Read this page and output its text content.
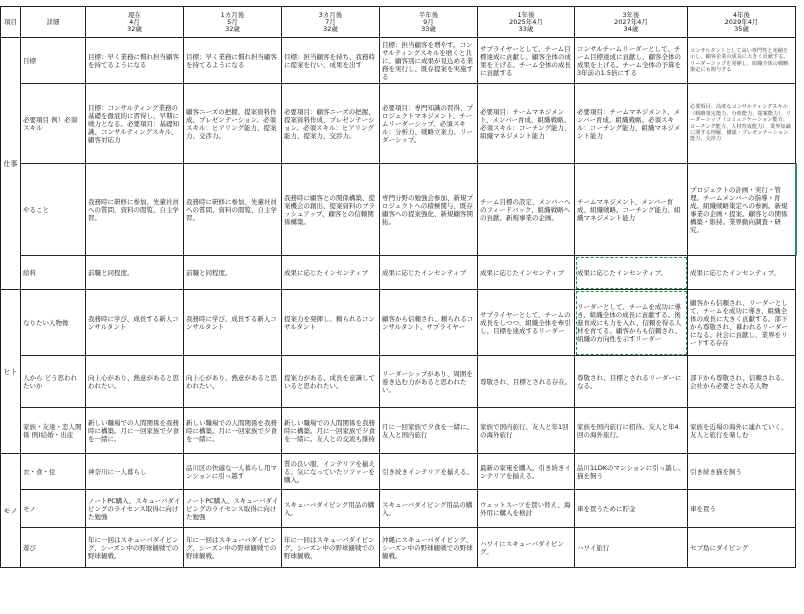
項目	詳細	現在
4月
32歳	1カ月後
5月
32歳	3カ月後
7月
32歳	半年後
9月
33歳	1年後
2025年4月
33歳	3年後
2027年4月
34歳	4年後
2029年4月
35歳

仕事	目標	目標：早く業務に慣れ担当顧客を持てるようになる	目標：早く業務に慣れ担当顧客を持てるようになる	目標：担当顧客を持ち、我務時に提案を行い、成果を出す	目標：担当顧客を増やす。コンサルティングスキルを磨くと共に、顧客別に成果が見込める業務を実行し、既存提案を実施する	サプライヤーとして、チーム目標達成に貢献し、顧客全体の成果を上げる。チーム全体の成長に貢献する	コンサルチームリーダーとして、チーム目標達成に貢献し、顧客全体の成果を上げる。チーム全体の予算を3年前の1.5倍にする	コンサルタントとして高い専門性と実績を示し、顧客企業の成長に大きく貢献する。リーダーシップを発揮し、組織全体の戦略策定にも関与する
	必要項目 例）必須スキル	目標：コンサルティング業務の基礎を徹底的に習得し、早期に戦力となる。必要項目：基礎知識、コンサルティングスキル、顧客対応力	顧客ニーズの把握、提案資料作成、プレゼンテーション。必須スキル：ヒアリング能力、提案力、交渉力。	必要項目：顧客ニーズの把握、提案資料作成、プレゼンテーション。必須スキル：ヒアリング能力、提案力、交渉力。	必要項目：専門知識の習得、プロジェクトマネジメント、チームリーダーシップ。必須スキル：分析力、戦略立案力、リーダーシップ。	必要項目：チームマネジメント、メンバー育成、組織戦略。必須スキル：コーチング能力、組織マネジメント能力	必要項目：チームマネジメント、メンバー育成、組織戦略。必須スキル：コーチング能力、組織マネジメント能力	必要項目：高度なコンサルティングスキル（戦略策定能力、分析能力、提案能力）、リーダーシップ（コミュニケーション能力、コーチング能力、人材育成能力）、業界知識に関する理解、構築・プレゼンテーション能力、交渉力
	やること	我務時に研修に参加、先輩社員への質問、資料の閲覧、自主学習。	我務時に研修に参加、先輩社員への質問、資料の閲覧、自主学習。	我務時に顧客との関係構築、提案機会の創出、提案資料のブラッシュアップ、顧客との信頼関係構築。	専門分野の勉強会参加、新規プロジェクトへの積極関与、既存顧客への提案強化、新規顧客開拓。	チーム目標の設定、メンバーへのフィードバック、組織戦略への貢献、新規事業の企画。	チームマネジメント、メンバー育成、組織戦略。コーチング能力、組織マネジメント能力	プロジェクトの計画・実行・管理。チームメンバーの指導・育成。組織戦略策定への参画。新規事業の企画・提案。顧客との関係構築・維持。業界動向調査・研究。
	給料	前職と同程度。	前職と同程度。	成果に応じたインセンティブ	成果に応じたインセンティブ	成果に応じたインセンティブ	成果に応じたインセンティブ。	成果に応じたインセンティブ。
ヒト	なりたい人物像	我務時に学び、成長する新人コンサルタント	我務時に学び、成長する新人コンサルタント	提案力を発揮し、頼られるコンサルタント	顧客から信頼され、頼られるコンサルタント、サプライヤー	サプライヤーとして、チームの成長をしつつ、組織全体を牽引し、目標を達成するリーダー	リーダーとして、チームを成功に導き、組織全体の成長に貢献する。後進育成にも力を入れ、信頼を得る人材を育てる。顧客からも信頼され、組織の方向性を示すリーダー	顧客から信頼され、リーダーとして、チームを成功に導き、組織全体の成長に大きく貢献する。部下から尊敬され、慕われるリーダーになる。社会に貢献し、業界をリードする存在
	人から どう思われたいか	向上心があり、熱意があると思われたい。	向上心があり、熱意があると思われたい。	提案力がある、成長を意識していると思われたい。	リーダーシップがあり、周囲を巻き込む力があると思われたい。	尊敬され、目標とされる存在。	尊敬され、目標とされるリーダーになる。	部下から尊敬され、信頼される。会社から必要とされる人物
	家族・友達・恋人関係 例)結婚・出産	新しい職場での人間関係を我務時に構築。月に一回家族で夕食を一緒に。	新しい職場での人間関係を我務時に構築。月に一回家族で夕食を一緒に。	新しい職場での人間関係を我務時に構築。月に一回家族で夕食を一緒に。友人との交流も維持	月に一回家族で夕食を一緒に。友人と国内旅行	家族で国内旅行、友人と年1回の海外旅行	家族を国内旅行に招待。友人と年4回の海外旅行。	家族を近場の海外に連れていく、友人と旅行を楽しむ
モノ	衣・食・住	神奈川に一人暮らし	品川区の快適な一人暮らし用マンションに引っ越す	質の良い服、インテリアを揃える。気になっていたソファーを購入。	引き続きインテリアを揃える。	最新の家電を購入。引き続きインテリアを揃える。	品川1LDKのマンションに引っ越し。猫を飼う	引き続き猫を飼う
	モノ	ノートPC購入、スキューバダイビングのライセンス取得に向けた勉強	ノートPC購入、スキューバダイビングのライセンス取得に向けた勉強	スキューバダイビング用品の購入。	スキューバダイビング用品の購入。	ウェットスーツを買い替え、海外用に購入を検討	車を買うために貯金	車を買う
	遊び	年に一回はスキューバダイビング、シーズン中の野球観戦での野球観戦。	年に一回はスキューバダイビング、シーズン中の野球観戦での野球観戦。	年に一回はスキューバダイビング、シーズン中の野球観戦での野球観戦。	沖縄にスキューバダイビング、シーズン中の野球観戦での野球観戦。	ハワイにスキューバダイビング。	ハワイ旅行	セブ島にダイビング
